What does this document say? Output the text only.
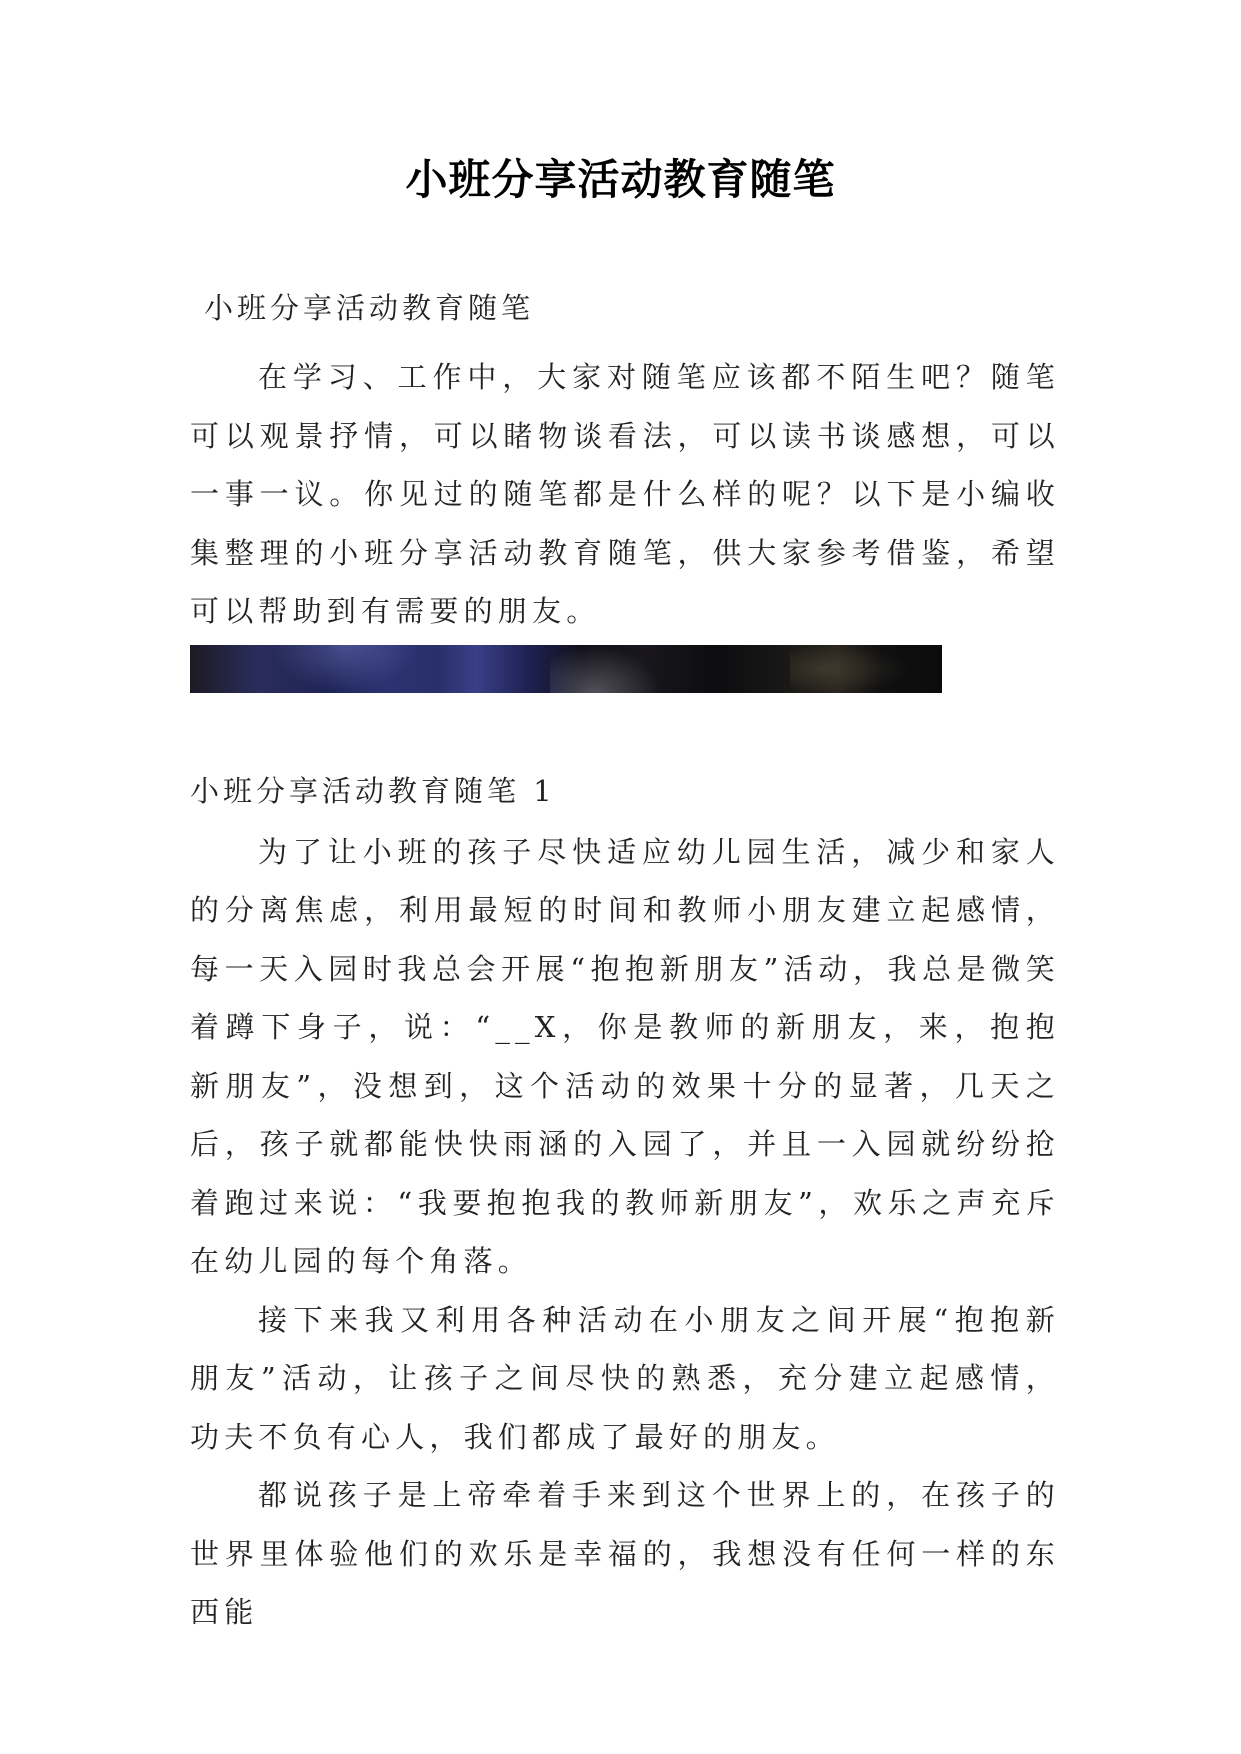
小班分享活动教育随笔

小班分享活动教育随笔

在学习、工作中，大家对随笔应该都不陌生吧？随笔可以观景抒情，可以睹物谈看法，可以读书谈感想，可以一事一议。你见过的随笔都是什么样的呢？以下是小编收集整理的小班分享活动教育随笔，供大家参考借鉴，希望可以帮助到有需要的朋友。

小班分享活动教育随笔 1

为了让小班的孩子尽快适应幼儿园生活，减少和家人的分离焦虑，利用最短的时间和教师小朋友建立起感情，每一天入园时我总会开展“抱抱新朋友”活动，我总是微笑着蹲下身子，说：“__X，你是教师的新朋友，来，抱抱新朋友”，没想到，这个活动的效果十分的显著，几天之后，孩子就都能快快雨涵的入园了，并且一入园就纷纷抢着跑过来说：“我要抱抱我的教师新朋友”，欢乐之声充斥在幼儿园的每个角落。

接下来我又利用各种活动在小朋友之间开展“抱抱新朋友”活动，让孩子之间尽快的熟悉，充分建立起感情，功夫不负有心人，我们都成了最好的朋友。

都说孩子是上帝牵着手来到这个世界上的，在孩子的世界里体验他们的欢乐是幸福的，我想没有任何一样的东西能
